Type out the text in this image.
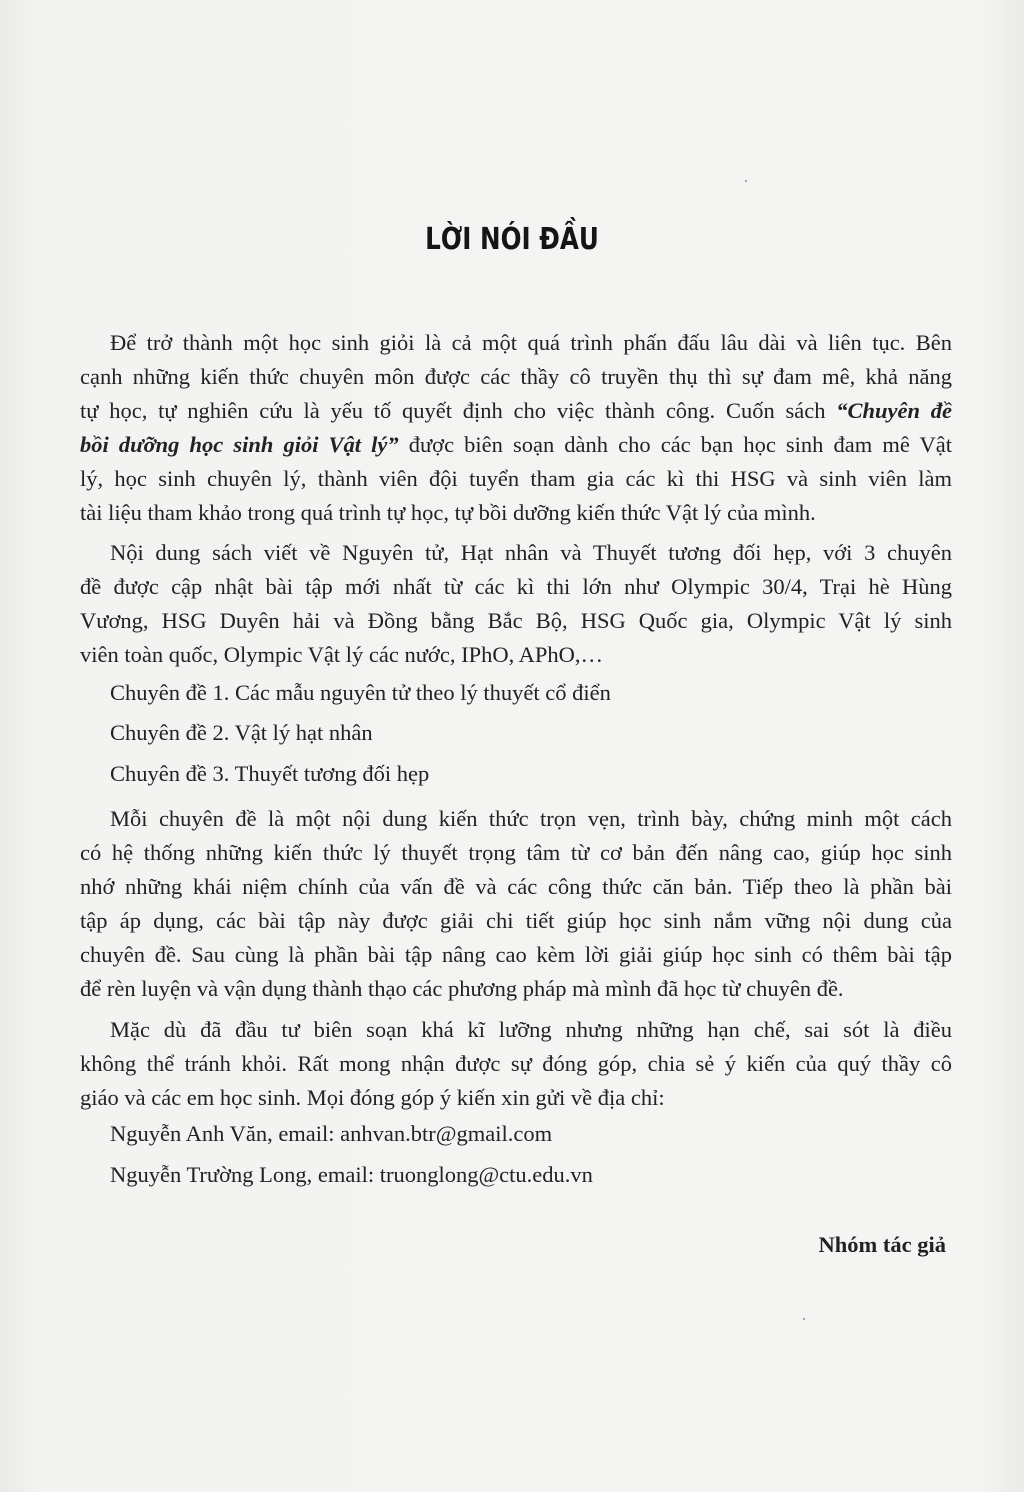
LỜI NÓI ĐẦU
Để trở thành một học sinh giỏi là cả một quá trình phấn đấu lâu dài và liên tục. Bên
cạnh những kiến thức chuyên môn được các thầy cô truyền thụ thì sự đam mê, khả năng
tự học, tự nghiên cứu là yếu tố quyết định cho việc thành công. Cuốn sách “Chuyên đề
bồi dưỡng học sinh giỏi Vật lý” được biên soạn dành cho các bạn học sinh đam mê Vật
lý, học sinh chuyên lý, thành viên đội tuyển tham gia các kì thi HSG và sinh viên làm
tài liệu tham khảo trong quá trình tự học, tự bồi dưỡng kiến thức Vật lý của mình.
Nội dung sách viết về Nguyên tử, Hạt nhân và Thuyết tương đối hẹp, với 3 chuyên
đề được cập nhật bài tập mới nhất từ các kì thi lớn như Olympic 30/4, Trại hè Hùng
Vương, HSG Duyên hải và Đồng bằng Bắc Bộ, HSG Quốc gia, Olympic Vật lý sinh
viên toàn quốc, Olympic Vật lý các nước, IPhO, APhO,…
Chuyên đề 1. Các mẫu nguyên tử theo lý thuyết cổ điển
Chuyên đề 2. Vật lý hạt nhân
Chuyên đề 3. Thuyết tương đối hẹp
Mỗi chuyên đề là một nội dung kiến thức trọn vẹn, trình bày, chứng minh một cách
có hệ thống những kiến thức lý thuyết trọng tâm từ cơ bản đến nâng cao, giúp học sinh
nhớ những khái niệm chính của vấn đề và các công thức căn bản. Tiếp theo là phần bài
tập áp dụng, các bài tập này được giải chi tiết giúp học sinh nắm vững nội dung của
chuyên đề. Sau cùng là phần bài tập nâng cao kèm lời giải giúp học sinh có thêm bài tập
để rèn luyện và vận dụng thành thạo các phương pháp mà mình đã học từ chuyên đề.
Mặc dù đã đầu tư biên soạn khá kĩ lưỡng nhưng những hạn chế, sai sót là điều
không thể tránh khỏi. Rất mong nhận được sự đóng góp, chia sẻ ý kiến của quý thầy cô
giáo và các em học sinh. Mọi đóng góp ý kiến xin gửi về địa chỉ:
Nguyễn Anh Văn, email: anhvan.btr@gmail.com
Nguyễn Trường Long, email: truonglong@ctu.edu.vn
Nhóm tác giả
